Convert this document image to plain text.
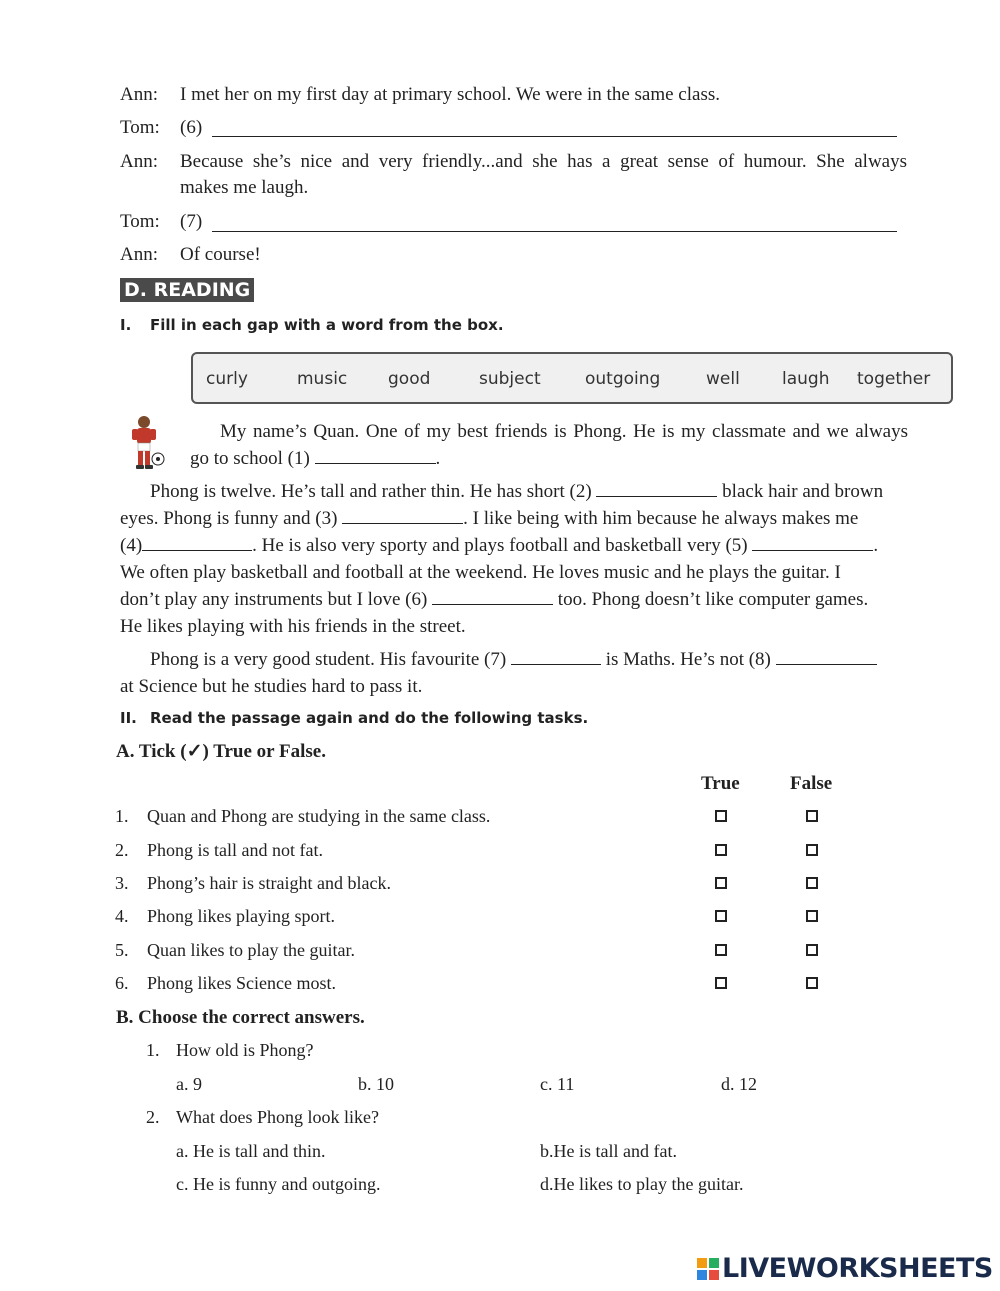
Ann: I met her on my first day at primary school. We were in the same class.
Tom: (6)
Ann: Because she’s nice and very friendly...and she has a great sense of humour. She always
makes me laugh.
Tom: (7)
Ann: Of course!
D. READING
I. Fill in each gap with a word from the box.
curly	music good	subject	outgoing	well laugh together
My name’s Quan. One of my best friends is Phong. He is my classmate and we always
go to school (1)	.
Phong is twelve. He’s tall and rather thin. He has short (2)	black hair and brown
eyes. Phong is funny and (3)	. I like being with him because he always makes me
(4)	. He is also very sporty and plays football and basketball very (5)	.
We often play basketball and football at the weekend. He loves music and he plays the guitar. I
don’t play any instruments but I love (6)	too. Phong doesn’t like computer games.
He likes playing with his friends in the street.
Phong is a very good student. His favourite (7)	is Maths. He’s not (8)
at Science but he studies hard to pass it.
II. Read the passage again and do the following tasks.
A. Tick (✓) True or False.
True	False
1. Quan and Phong are studying in the same class.
2. Phong is tall and not fat.
3. Phong’s hair is straight and black.
4. Phong likes playing sport.
5. Quan likes to play the guitar.
6. Phong likes Science most.
B. Choose the correct answers.
1. How old is Phong?
a. 9	b. 10	c. 11	d. 12
2. What does Phong look like?
a. He is tall and thin.	b.He is tall and fat.
c. He is funny and outgoing.	d.He likes to play the guitar.
LIVEWORKSHEETS
